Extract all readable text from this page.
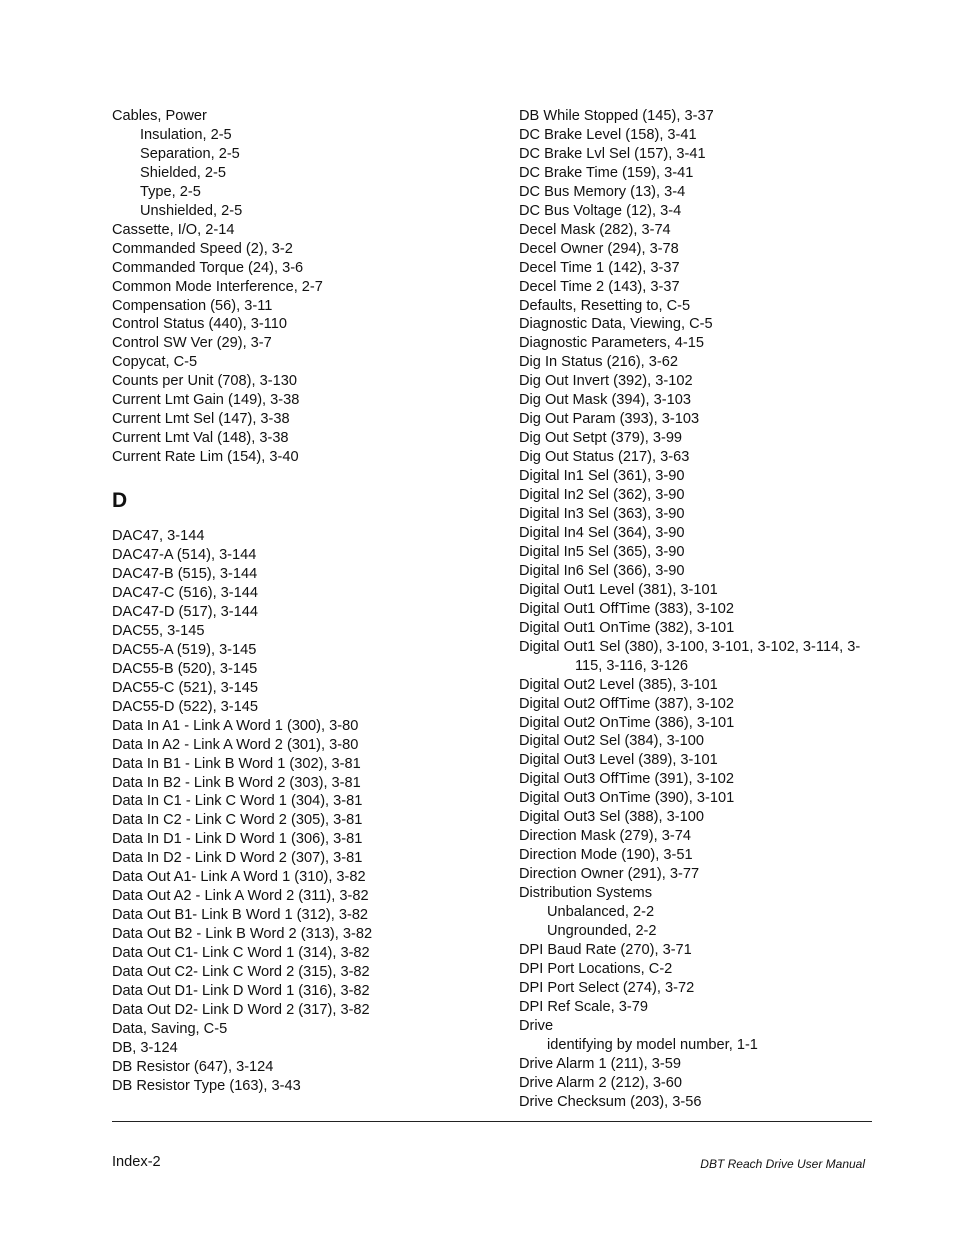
Cables, Power
Insulation, 2-5
Separation, 2-5
Shielded, 2-5
Type, 2-5
Unshielded, 2-5
Cassette, I/O, 2-14
Commanded Speed (2), 3-2
Commanded Torque (24), 3-6
Common Mode Interference, 2-7
Compensation (56), 3-11
Control Status (440), 3-110
Control SW Ver (29), 3-7
Copycat, C-5
Counts per Unit (708), 3-130
Current Lmt Gain (149), 3-38
Current Lmt Sel (147), 3-38
Current Lmt Val (148), 3-38
Current Rate Lim (154), 3-40
D
DAC47, 3-144
DAC47-A (514), 3-144
DAC47-B (515), 3-144
DAC47-C (516), 3-144
DAC47-D (517), 3-144
DAC55, 3-145
DAC55-A (519), 3-145
DAC55-B (520), 3-145
DAC55-C (521), 3-145
DAC55-D (522), 3-145
Data In A1 - Link A Word 1 (300), 3-80
Data In A2 - Link A Word 2 (301), 3-80
Data In B1 - Link B Word 1 (302), 3-81
Data In B2 - Link B Word 2 (303), 3-81
Data In C1 - Link C Word 1 (304), 3-81
Data In C2 - Link C Word 2 (305), 3-81
Data In D1 - Link D Word 1 (306), 3-81
Data In D2 - Link D Word 2 (307), 3-81
Data Out A1- Link A Word 1 (310), 3-82
Data Out A2 - Link A Word 2 (311), 3-82
Data Out B1- Link B Word 1 (312), 3-82
Data Out B2 - Link B Word 2 (313), 3-82
Data Out C1- Link C Word 1 (314), 3-82
Data Out C2- Link C Word 2 (315), 3-82
Data Out D1- Link D Word 1 (316), 3-82
Data Out D2- Link D Word 2 (317), 3-82
Data, Saving, C-5
DB, 3-124
DB Resistor (647), 3-124
DB Resistor Type (163), 3-43
DB While Stopped (145), 3-37
DC Brake Level (158), 3-41
DC Brake Lvl Sel (157), 3-41
DC Brake Time (159), 3-41
DC Bus Memory (13), 3-4
DC Bus Voltage (12), 3-4
Decel Mask (282), 3-74
Decel Owner (294), 3-78
Decel Time 1 (142), 3-37
Decel Time 2 (143), 3-37
Defaults, Resetting to, C-5
Diagnostic Data, Viewing, C-5
Diagnostic Parameters, 4-15
Dig In Status (216), 3-62
Dig Out Invert (392), 3-102
Dig Out Mask (394), 3-103
Dig Out Param (393), 3-103
Dig Out Setpt (379), 3-99
Dig Out Status (217), 3-63
Digital In1 Sel (361), 3-90
Digital In2 Sel (362), 3-90
Digital In3 Sel (363), 3-90
Digital In4 Sel (364), 3-90
Digital In5 Sel (365), 3-90
Digital In6 Sel (366), 3-90
Digital Out1 Level (381), 3-101
Digital Out1 OffTime (383), 3-102
Digital Out1 OnTime (382), 3-101
Digital Out1 Sel (380), 3-100, 3-101, 3-102, 3-114, 3-115, 3-116, 3-126
Digital Out2 Level (385), 3-101
Digital Out2 OffTime (387), 3-102
Digital Out2 OnTime (386), 3-101
Digital Out2 Sel (384), 3-100
Digital Out3 Level (389), 3-101
Digital Out3 OffTime (391), 3-102
Digital Out3 OnTime (390), 3-101
Digital Out3 Sel (388), 3-100
Direction Mask (279), 3-74
Direction Mode (190), 3-51
Direction Owner (291), 3-77
Distribution Systems
Unbalanced, 2-2
Ungrounded, 2-2
DPI Baud Rate (270), 3-71
DPI Port Locations, C-2
DPI Port Select (274), 3-72
DPI Ref Scale, 3-79
Drive
identifying by model number, 1-1
Drive Alarm 1 (211), 3-59
Drive Alarm 2 (212), 3-60
Drive Checksum (203), 3-56
Index-2	DBT Reach Drive User Manual
